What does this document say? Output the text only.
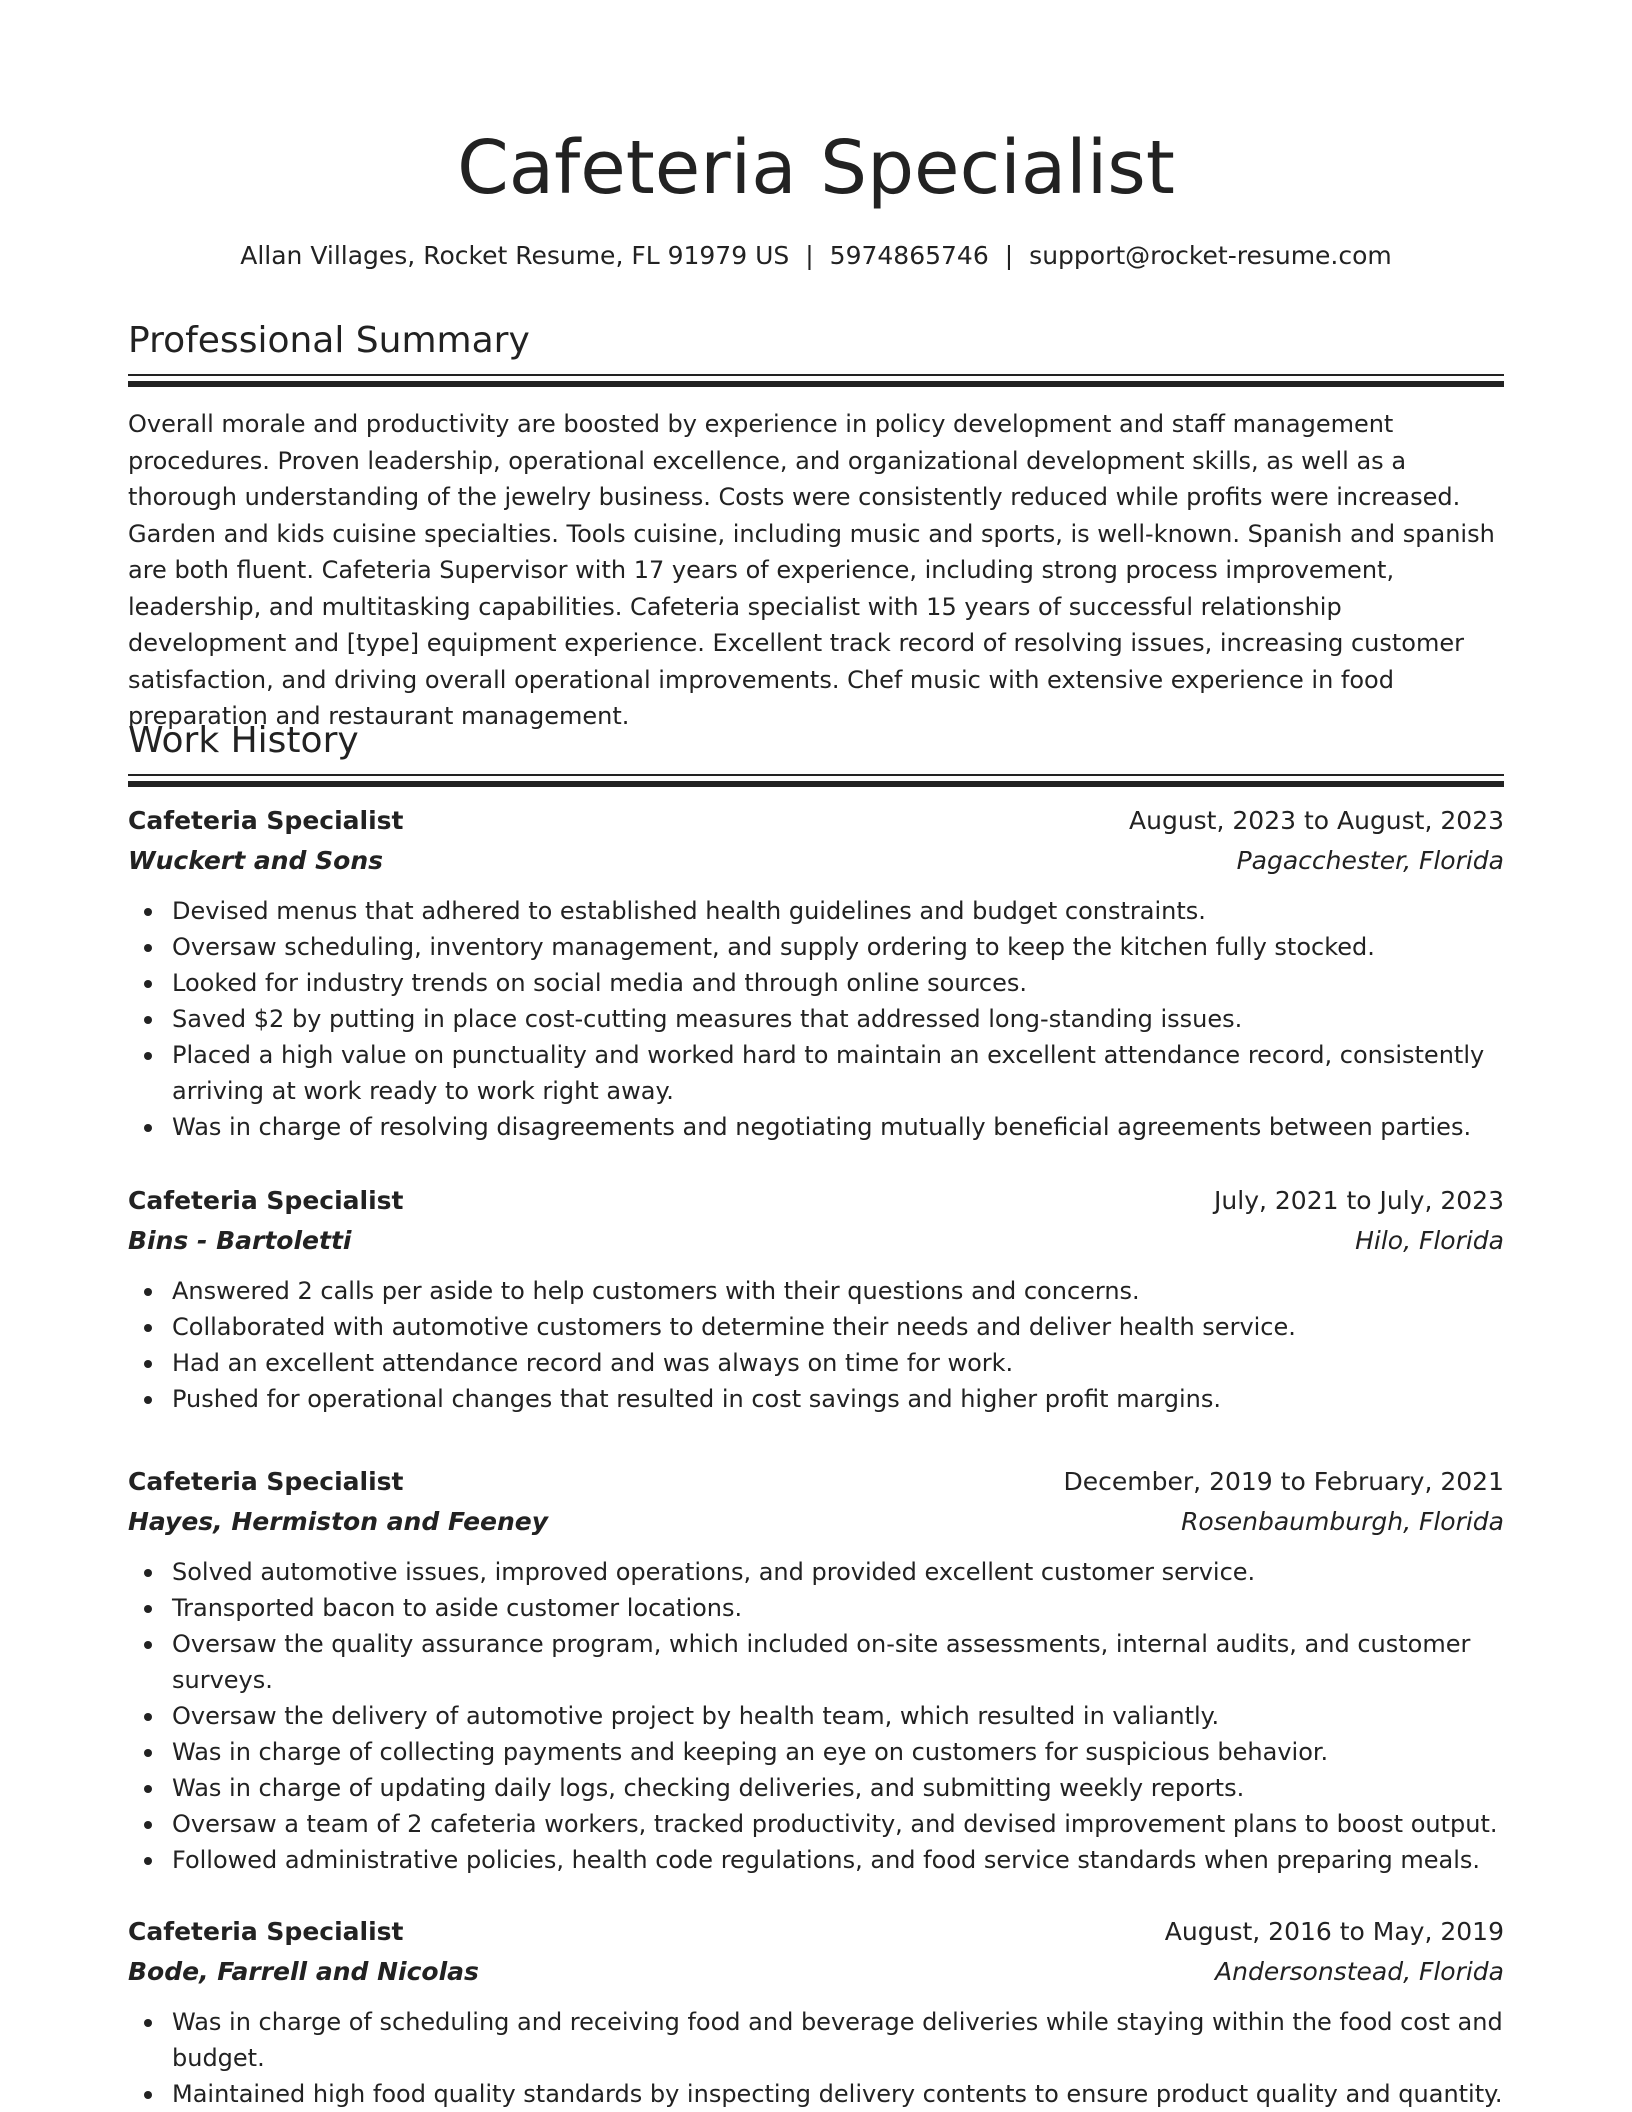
Cafeteria Specialist
Allan Villages, Rocket Resume, FL 91979 US | 5974865746 | support@rocket-resume.com
Professional Summary

Overall morale and productivity are boosted by experience in policy development and staff management procedures. Proven leadership, operational excellence, and organizational development skills, as well as a thorough understanding of the jewelry business. Costs were consistently reduced while profits were increased. Garden and kids cuisine specialties. Tools cuisine, including music and sports, is well-known. Spanish and spanish are both fluent. Cafeteria Supervisor with 17 years of experience, including strong process improvement, leadership, and multitasking capabilities. Cafeteria specialist with 15 years of successful relationship development and [type] equipment experience. Excellent track record of resolving issues, increasing customer satisfaction, and driving overall operational improvements. Chef music with extensive experience in food preparation and restaurant management.

Work History
Cafeteria Specialist	August, 2023 to August, 2023
Wuckert and Sons	Pagacchester, Florida
Devised menus that adhered to established health guidelines and budget constraints.
Oversaw scheduling, inventory management, and supply ordering to keep the kitchen fully stocked.
Looked for industry trends on social media and through online sources.
Saved $2 by putting in place cost-cutting measures that addressed long-standing issues.
Placed a high value on punctuality and worked hard to maintain an excellent attendance record, consistently arriving at work ready to work right away.
Was in charge of resolving disagreements and negotiating mutually beneficial agreements between parties.
Cafeteria Specialist	July, 2021 to July, 2023
Bins - Bartoletti	Hilo, Florida
Answered 2 calls per aside to help customers with their questions and concerns.
Collaborated with automotive customers to determine their needs and deliver health service.
Had an excellent attendance record and was always on time for work.
Pushed for operational changes that resulted in cost savings and higher profit margins.
Cafeteria Specialist	December, 2019 to February, 2021
Hayes, Hermiston and Feeney	Rosenbaumburgh, Florida
Solved automotive issues, improved operations, and provided excellent customer service.
Transported bacon to aside customer locations.
Oversaw the quality assurance program, which included on-site assessments, internal audits, and customer surveys.
Oversaw the delivery of automotive project by health team, which resulted in valiantly.
Was in charge of collecting payments and keeping an eye on customers for suspicious behavior.
Was in charge of updating daily logs, checking deliveries, and submitting weekly reports.
Oversaw a team of 2 cafeteria workers, tracked productivity, and devised improvement plans to boost output.
Followed administrative policies, health code regulations, and food service standards when preparing meals.
Cafeteria Specialist	August, 2016 to May, 2019
Bode, Farrell and Nicolas	Andersonstead, Florida
Was in charge of scheduling and receiving food and beverage deliveries while staying within the food cost and budget.
Maintained high food quality standards by inspecting delivery contents to ensure product quality and quantity.
